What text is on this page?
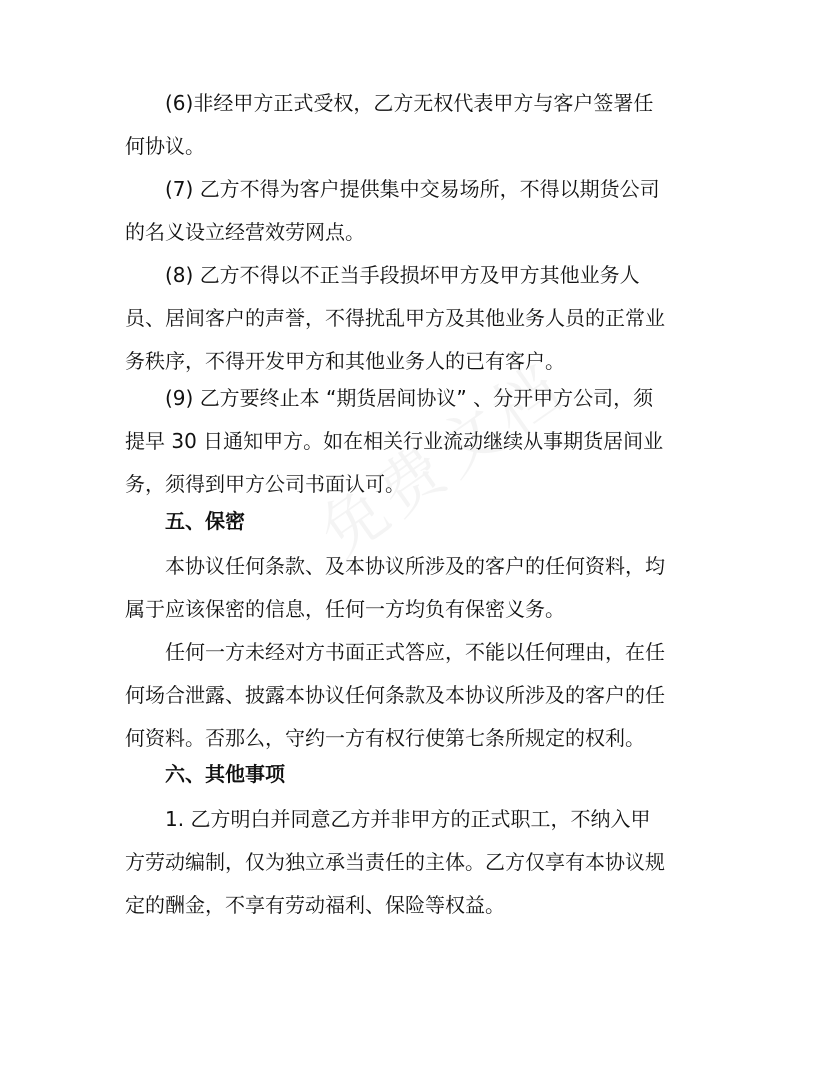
(6)非经甲方正式受权，乙方无权代表甲方与客户签署任
何协议。
(7) 乙方不得为客户提供集中交易场所，不得以期货公司
的名义设立经营效劳网点。
(8) 乙方不得以不正当手段损坏甲方及甲方其他业务人
员、居间客户的声誉，不得扰乱甲方及其他业务人员的正常业
务秩序，不得开发甲方和其他业务人的已有客户。
(9) 乙方要终止本 “期货居间协议” 、分开甲方公司，须
提早 30 日通知甲方。如在相关行业流动继续从事期货居间业
务，须得到甲方公司书面认可。
五、保密
本协议任何条款、及本协议所涉及的客户的任何资料，均
属于应该保密的信息，任何一方均负有保密义务。
任何一方未经对方书面正式答应，不能以任何理由，在任
何场合泄露、披露本协议任何条款及本协议所涉及的客户的任
何资料。否那么，守约一方有权行使第七条所规定的权利。
六、其他事项
1. 乙方明白并同意乙方并非甲方的正式职工，不纳入甲
方劳动编制，仅为独立承当责任的主体。乙方仅享有本协议规
定的酬金，不享有劳动福利、保险等权益。
